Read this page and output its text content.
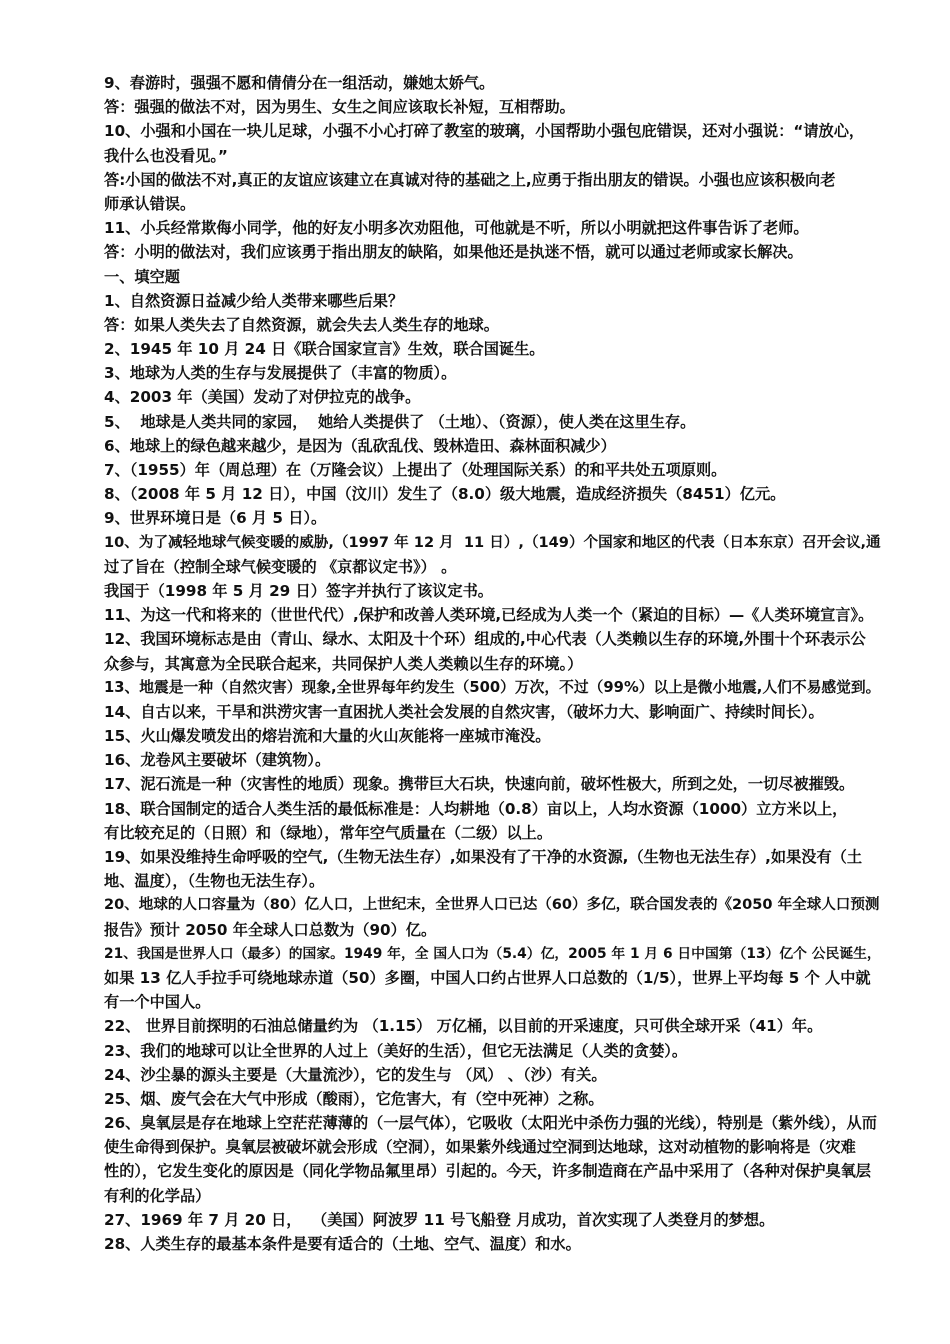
9、春游时，强强不愿和倩倩分在一组活动，嫌她太娇气。
答：强强的做法不对，因为男生、女生之间应该取长补短，互相帮助。
10、小强和小国在一块儿足球，小强不小心打碎了教室的玻璃，小国帮助小强包庇错误，还对小强说：“请放心，
我什么也没看见。”
答:小国的做法不对,真正的友谊应该建立在真诚对待的基础之上,应勇于指出朋友的错误。小强也应该积极向老
师承认错误。
11、小兵经常欺侮小同学，他的好友小明多次劝阻他，可他就是不听，所以小明就把这件事告诉了老师。
答：小明的做法对，我们应该勇于指出朋友的缺陷，如果他还是执迷不悟，就可以通过老师或家长解决。
一、填空题
1、自然资源日益减少给人类带来哪些后果？
答：如果人类失去了自然资源，就会失去人类生存的地球。
2、1945 年 10 月 24 日《联合国家宣言》生效，联合国诞生。
3、地球为人类的生存与发展提供了（丰富的物质）。
4、2003 年（美国）发动了对伊拉克的战争。
5、  地球是人类共同的家园，  她给人类提供了 （土地）、（资源），使人类在这里生存。
6、地球上的绿色越来越少，是因为（乱砍乱伐、毁林造田、森林面积减少）
7、（1955）年（周总理）在（万隆会议）上提出了（处理国际关系）的和平共处五项原则。
8、（2008 年 5 月 12 日），中国（汶川）发生了（8.0）级大地震，造成经济损失（8451）亿元。
9、世界环境日是（6 月 5 日）。
10、为了减轻地球气候变暖的威胁,（1997 年 12 月  11 日）,（149）个国家和地区的代表（日本东京）召开会议,通
过了旨在（控制全球气候变暖的 《京都议定书》） 。
我国于（1998 年 5 月 29 日）签字并执行了该议定书。
11、为这一代和将来的（世世代代）,保护和改善人类环境,已经成为人类一个（紧迫的目标）—《人类环境宣言》。
12、我国环境标志是由（青山、绿水、太阳及十个环）组成的,中心代表（人类赖以生存的环境,外围十个环表示公
众参与，其寓意为全民联合起来，共同保护人类人类赖以生存的环境。）
13、地震是一种（自然灾害）现象,全世界每年约发生（500）万次，不过（99%）以上是微小地震,人们不易感觉到。
14、自古以来，干旱和洪涝灾害一直困扰人类社会发展的自然灾害，（破坏力大、影响面广、持续时间长）。
15、火山爆发喷发出的熔岩流和大量的火山灰能将一座城市淹没。
16、龙卷风主要破坏（建筑物）。
17、泥石流是一种（灾害性的地质）现象。携带巨大石块，快速向前，破坏性极大，所到之处，一切尽被摧毁。
18、联合国制定的适合人类生活的最低标准是：人均耕地（0.8）亩以上，人均水资源（1000）立方米以上，
有比较充足的（日照）和（绿地），常年空气质量在（二级）以上。
19、如果没维持生命呼吸的空气,（生物无法生存）,如果没有了干净的水资源,（生物也无法生存）,如果没有（土
地、温度），（生物也无法生存）。
20、地球的人口容量为（80）亿人口，上世纪末，全世界人口已达（60）多亿，联合国发表的《2050 年全球人口预测
报告》预计 2050 年全球人口总数为（90）亿。
21、我国是世界人口（最多）的国家。1949 年，全 国人口为（5.4）亿，2005 年 1 月 6 日中国第（13）亿个 公民诞生，
如果 13 亿人手拉手可绕地球赤道（50）多圈，中国人口约占世界人口总数的（1/5），世界上平均每 5 个 人中就
有一个中国人。
22、 世界目前探明的石油总储量约为 （1.15） 万亿桶，以目前的开采速度，只可供全球开采（41）年。
23、我们的地球可以让全世界的人过上（美好的生活），但它无法满足（人类的贪婪）。
24、沙尘暴的源头主要是（大量流沙），它的发生与 （风） 、（沙）有关。
25、烟、废气会在大气中形成（酸雨），它危害大，有（空中死神）之称。
26、臭氧层是存在地球上空茫茫薄薄的（一层气体），它吸收（太阳光中杀伤力强的光线），特别是（紫外线），从而
使生命得到保护。臭氧层被破坏就会形成（空洞），如果紫外线通过空洞到达地球，这对动植物的影响将是（灾难
性的），它发生变化的原因是（同化学物品氟里昂）引起的。今天，许多制造商在产品中采用了（各种对保护臭氧层
有利的化学品）
27、1969 年 7 月 20 日，  （美国）阿波罗 11 号飞船登 月成功，首次实现了人类登月的梦想。
28、人类生存的最基本条件是要有适合的（土地、空气、温度）和水。
